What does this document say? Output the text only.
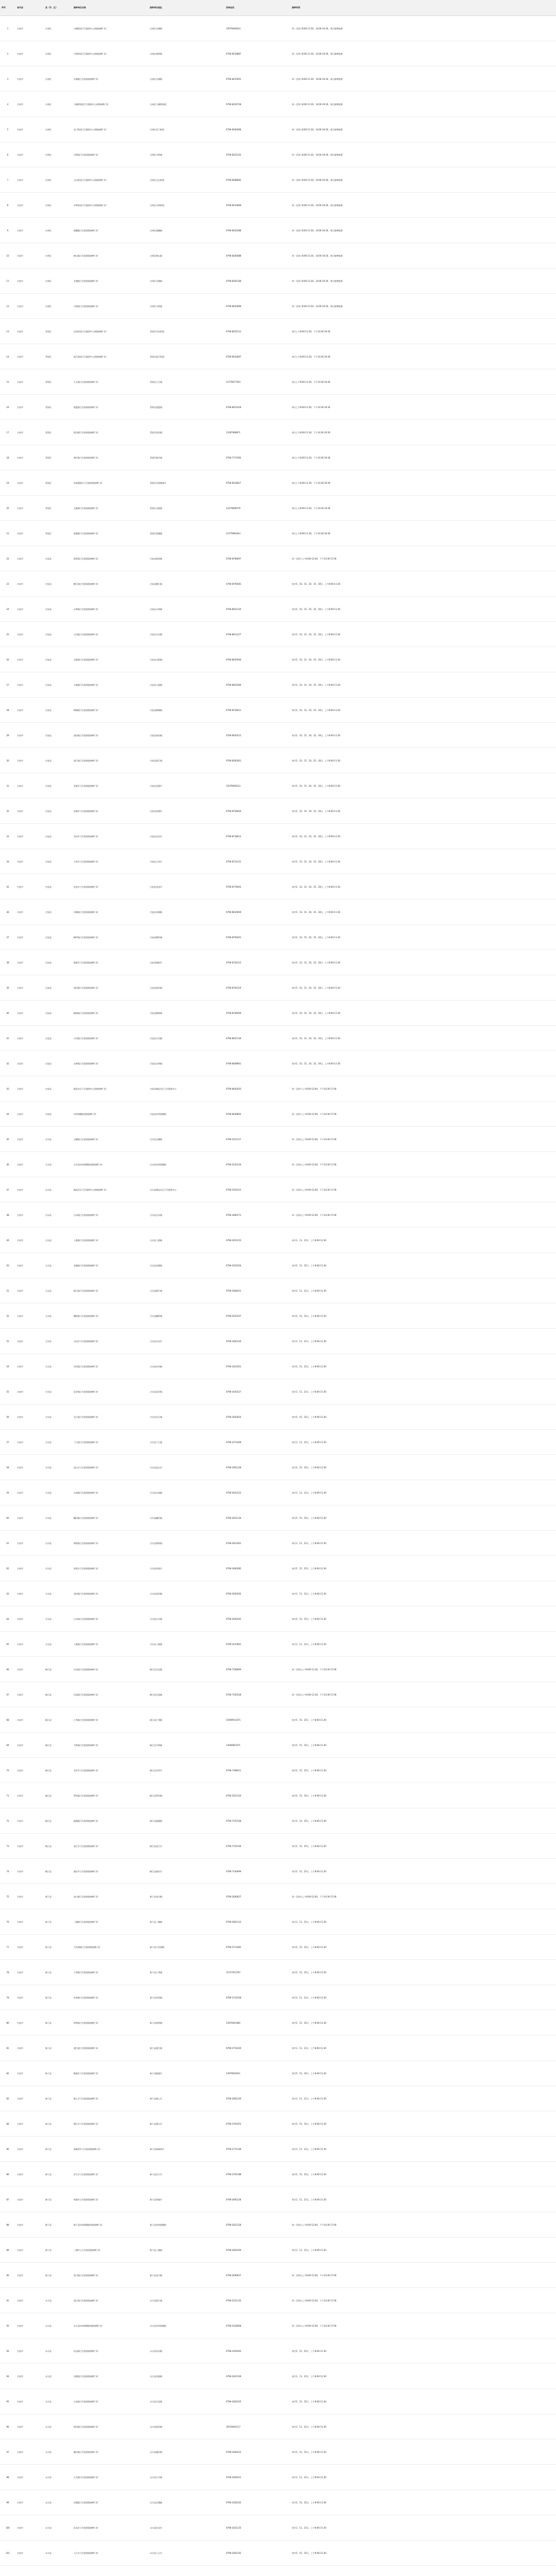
序号	省市县	县（市、区）	接种单位名称	接种单位地址	咨询电话	接种时间
1	吉安市	吉州区	白塘街道卫生服务中心预防接种门诊	吉州区长塘路	15079946624	周一至周六8:00-11:30，14:00-16:30，周日接种疫情
2	吉安市	吉州区	兴桥街道卫生服务中心预防接种门诊	吉州区新桥路	0796-8229887	周一至周六8:00-11:30，14:00-16:30，周日接种疫情
3	吉安市	吉州区	长塘镇卫生院预防接种门诊	吉州区长塘镇	0796-8225091	周一至周六8:00-11:30，14:00-16:30，周日接种疫情
4	吉安市	吉州区	习溪桥街道卫生服务中心预防接种门诊	吉州区习溪桥街道	0796-8220728	周一至周六8:00-11:30，14:00-16:30，周日接种疫情
5	吉安市	吉州区	北门街道卫生服务中心预防接种门诊	吉州区北门街道	0796-8281868	周一至周六8:00-11:30，14:00-16:30，周日接种疫情
6	吉安市	吉州区	兴桥镇卫生院预防接种门诊	吉州区兴桥镇	0796-8222332	周一至周六8:00-11:30，14:00-16:30，周日接种疫情
7	吉安市	吉州区	文山街道卫生服务中心预防接种门诊	吉州区文山街道	0796-8288083	周一至周六8:00-11:30，14:00-16:30，周日接种疫情
8	吉安市	吉州区	禾埠街道卫生服务中心预防接种门诊	吉州区禾埠街道	0796-8242898	周一至周六8:00-11:30，14:00-16:30，周日接种疫情
9	吉安市	吉州区	曲濑镇卫生院预防接种门诊	吉州区曲濑镇	0796-8262088	周一至周六8:00-11:30，14:00-16:30，周日接种疫情
10	吉安市	吉州区	樟山镇卫生院预防接种门诊	吉州区樟山镇	0796-8285888	周一至周六8:00-11:30，14:00-16:30，周日接种疫情
11	吉安市	吉州区	长塘镇卫生院预防接种门诊	吉州区长塘镇	0796-8281168	周一至周六8:00-11:30，14:00-16:30，周日接种疫情
12	吉安市	吉州区	兴桥镇卫生院预防接种门诊	吉州区兴桥镇	0796-8262899	周一至周六8:00-11:30，14:00-16:30，周日接种疫情
13	吉安市	青原区	河东街道卫生服务中心预防接种门诊	青原区河东街道	0796-8452112	每日上午8:00-11:30，下午14:30-16:30
14	吉安市	青原区	滨江街道卫生服务中心预防接种门诊	青原区滨江街道	0796-8542897	每日上午8:00-11:30，下午14:30-16:30
15	吉安市	青原区	天玉镇卫生院预防接种门诊	青原区天玉镇	13779077293	每日上午8:00-11:30，下午14:30-16:30
16	吉安市	青原区	值夏镇卫生院预防接种门诊	青原区值夏镇	0796-8451018	每日上午8:00-11:30，下午14:30-16:30
17	吉安市	青原区	富田镇卫生院预防接种门诊	青原区富田镇	13397968871	每日上午8:00-11:30，下午14:30-16:30
18	吉安市	青原区	新圩镇卫生院预防接种门诊	青原区新圩镇	0796-7171092	每日上午8:00-11:30，下午14:30-16:30
19	吉安市	青原区	东固畲族乡卫生院预防接种门诊	青原区东固畲族乡	0796-8528017	每日上午8:00-11:30，下午14:30-16:30
20	吉安市	青原区	文陂镇卫生院预防接种门诊	青原区文陂镇	13279666576	每日上午8:00-11:30，下午14:30-16:30
21	吉安市	青原区	富滩镇卫生院预防接种门诊	青原区富滩镇	13779994403	每日上午8:00-11:30，下午14:30-16:30
22	吉安市	吉安县	敦厚镇卫生院预防接种门诊	吉安县敦厚镇	0796-8796697	周一至周六上午8:00-12:00，下午14:30-17:00
23	吉安市	吉安县	横江镇卫生院预防接种门诊	吉安县横江镇	0796-8795681	每月5、10、15、20、25、30日，上午8:00-11:30
24	吉安市	吉安县	永和镇卫生院预防接种门诊	吉安县永和镇	0796-8651120	每月5、10、15、20、25、30日，上午8:00-11:30
25	吉安市	吉安县	天河镇卫生院预防接种门诊	吉安县天河镇	0796-8611227	每月5、10、15、20、25、30日，上午8:00-11:30
26	吉安市	吉安县	永阳镇卫生院预防接种门诊	吉安县永阳镇	0796-8645946	每月5、10、15、20、25、30日，上午8:00-11:30
27	吉安市	吉安县	万福镇卫生院预防接种门诊	吉安县万福镇	0796-8643369	每月5、10、15、20、25、30日，上午8:00-11:30
28	吉安市	吉安县	梅塘镇卫生院预防接种门诊	吉安县梅塘镇	0796-8726611	每月5、10、15、20、25、30日，上午8:00-11:30
29	吉安市	吉安县	油田镇卫生院预防接种门诊	吉安县油田镇	0796-8593212	每月5、10、15、20、25、30日，上午8:00-11:30
30	吉安市	吉安县	固江镇卫生院预防接种门诊	吉安县固江镇	0796-8581661	每月5、10、15、20、25、30日，上午8:00-11:30
31	吉安市	吉安县	北源乡卫生院预防接种门诊	吉安县北源乡	15079956013	每月5、10、15、20、25、30日，上午8:00-11:30
32	吉安市	吉安县	安塘乡卫生院预防接种门诊	吉安县安塘乡	0796-8756604	每月5、10、15、20、25、30日，上午8:00-11:30
33	吉安市	吉安县	官田乡卫生院预防接种门诊	吉安县官田乡	0796-8738013	每月5、10、15、20、25、30日，上午8:00-11:30
34	吉安市	吉安县	大冲乡卫生院预防接种门诊	吉安县大冲乡	0796-8721221	每月5、10、15、20、25、30日，上午8:00-11:30
35	吉安市	吉安县	登龙乡卫生院预防接种门诊	吉安县登龙乡	0796-8776003	每月5、10、15、20、25、30日，上午8:00-11:30
36	吉安市	吉安县	凤凰镇卫生院预防接种门诊	吉安县凤凰镇	0796-8635009	每月5、10、15、20、25、30日，上午8:00-11:30
37	吉安市	吉安县	桐坪镇卫生院预防接种门诊	吉安县桐坪镇	0796-8709201	每月5、10、15、20、25、30日，上午8:00-11:30
38	吉安市	吉安县	指阳乡卫生院预防接种门诊	吉安县指阳乡	0796-8702223	每月5、10、15、20、25、30日，上午8:00-11:30
39	吉安市	吉安县	浬田镇卫生院预防接种门诊	吉安县浬田镇	0796-8791219	每月5、10、15、20、25、30日，上午8:00-11:30
40	吉安市	吉安县	桐林镇卫生院预防接种门诊	吉安县桐林镇	0796-8706009	每月5、10、15、20、25、30日，上午8:00-11:30
41	吉安市	吉安县	天河镇卫生院预防接种门诊	吉安县天河镇	0796-8647126	每月5、10、15、20、25、30日，上午8:00-11:30
42	吉安市	吉安县	永和镇卫生院预防接种门诊	吉安县永和镇	0796-8468961	每月5、10、15、20、25、30日，上午8:00-11:30
43	吉安市	吉安县	城北社区卫生服务中心预防接种门诊	吉安县城北社区卫生服务中心	0796-8440203	周一至周六上午8:00-12:00，下午14:30-17:00
44	吉安市	吉安县	妇幼保健院预防接种门诊	吉安县妇幼保健院	0796-8446802	周一至周六上午8:00-12:00，下午14:30-17:00
45	吉安市	吉水县	文峰镇卫生院预防接种门诊	吉水县文峰镇	0796-3521117	周一至周五上午8:00-12:00，下午14:30-17:00
46	吉安市	吉水县	吉水县妇幼保健院预防接种门诊	吉水县妇幼保健院	0796-3535120	周一至周五上午8:00-12:00，下午14:30-17:00
47	吉安市	吉水县	城北社区卫生服务中心预防接种门诊	吉水县城北社区卫生服务中心	0796-3524115	周一至周五上午8:00-12:00，下午14:30-17:00
48	吉安市	吉水县	白沙镇卫生院预防接种门诊	吉水县白沙镇	0796-3660171	周一至周五上午8:00-12:00，下午14:30-17:00
49	吉安市	吉水县	八都镇卫生院预防接种门诊	吉水县八都镇	0796-3451233	每月1、11、21日，上午8:00-11:30
50	吉安市	吉水县	金滩镇卫生院预防接种门诊	吉水县金滩镇	0796-3201054	每月5、15、25日，上午8:00-11:30
51	吉安市	吉水县	枫江镇卫生院预防接种门诊	吉水县枫江镇	0796-3468331	每月1、11、21日，上午8:00-11:30
52	吉安市	吉水县	醪桥镇卫生院预防接种门诊	吉水县醪桥镇	0796-3551027	每月5、15、25日，上午8:00-11:30
53	吉安市	吉水县	水田乡卫生院预防接种门诊	吉水县水田乡	0796-3481226	每月1、11、21日，上午8:00-11:30
54	吉安市	吉水县	阜田镇卫生院预防接种门诊	吉水县阜田镇	0796-3421051	每月5、15、25日，上午8:00-11:30
55	吉安市	吉水县	盘谷镇卫生院预防接种门诊	吉水县盘谷镇	0796-3445227	每月1、11、21日，上午8:00-11:30
56	吉安市	吉水县	乌江镇卫生院预防接种门诊	吉水县乌江镇	0796-3403016	每月5、15、25日，上午8:00-11:30
57	吉安市	吉水县	丁江镇卫生院预防接种门诊	吉水县丁江镇	0796-3271009	每月1、11、21日，上午8:00-11:30
58	吉安市	吉水县	冠山乡卫生院预防接种门诊	吉水县冠山乡	0796-3491128	每月5、15、25日，上午8:00-11:30
59	吉安市	吉水县	水南镇卫生院预防接种门诊	吉水县水南镇	0796-3631222	每月1、11、21日，上午8:00-11:30
60	吉安市	吉水县	螺田镇卫生院预防接种门诊	吉水县螺田镇	0796-3631130	每月5、15、25日，上午8:00-11:30
61	吉安市	吉水县	黄桥镇卫生院预防接种门诊	吉水县黄桥镇	0796-3611061	每月1、11、21日，上午8:00-11:30
62	吉安市	吉水县	尚贤乡卫生院预防接种门诊	吉水县尚贤乡	0796-3481085	每月5、15、25日，上午8:00-11:30
63	吉安市	吉水县	双村镇卫生院预防接种门诊	吉水县双村镇	0796-3650202	每月1、11、21日，上午8:00-11:30
64	吉安市	吉水县	白水镇卫生院预防接种门诊	吉水县白水镇	0796-3641045	每月5、15、25日，上午8:00-11:30
65	吉安市	吉水县	八都镇卫生院预防接种门诊	吉水县八都镇	0796-3470061	每月1、11、21日，上午8:00-11:30
66	吉安市	峡江县	水边镇卫生院预防接种门诊	峡江县水边镇	0796-7168099	周一至周五上午8:00-11:30，下午14:30-17:00
67	吉安市	峡江县	巴邱镇卫生院预防接种门诊	峡江县巴邱镇	0796-7165528	周一至周五上午8:00-11:30，下午14:30-17:00
68	吉安市	峡江县	仁和镇卫生院预防接种门诊	峡江县仁和镇	15949911675	每月5、15、25日，上午8:00-11:30
69	吉安市	峡江县	马埠镇卫生院预防接种门诊	峡江县马埠镇	13949961971	每月5、15、25日，上午8:00-11:30
70	吉安市	峡江县	戈坪乡卫生院预防接种门诊	峡江县戈坪乡	0796-7188311	每月5、15、25日，上午8:00-11:30
71	吉安市	峡江县	罗田镇卫生院预防接种门诊	峡江县罗田镇	0796-3521120	每月5、15、25日，上午8:00-11:30
72	吉安市	峡江县	砚溪镇卫生院预防接种门诊	峡江县砚溪镇	0796-7155338	每月5、15、25日，上午8:00-11:30
73	吉安市	峡江县	金江乡卫生院预防接种门诊	峡江县金江乡	0796-7155336	每月5、15、25日，上午8:00-11:30
74	吉安市	峡江县	福民乡卫生院预防接种门诊	峡江县福民乡	0796-7140099	每月5、15、25日，上午8:00-11:30
75	吉安市	新干县	金川镇卫生院预防接种门诊	新干县金川镇	0796-2600627	周一至周五上午8:00-12:00，下午14:30-17:00
76	吉安市	新干县	三湖镇卫生院预防接种门诊	新干县三湖镇	0796-2661123	每月1、11、21日，上午8:00-11:30
77	吉安市	新干县	大洋洲镇卫生院预防接种门诊	新干县大洋洲镇	0796-2711081	每月5、15、25日，上午8:00-11:30
78	吉安市	新干县	七琴镇卫生院预防接种门诊	新干县七琴镇	15727913797	每月5、15、25日，上午8:00-11:30
79	吉安市	新干县	麦斜镇卫生院预防接种门诊	新干县麦斜镇	0796-2731038	每月1、11、21日，上午8:00-11:30
80	吉安市	新干县	界埠镇卫生院预防接种门诊	新干县界埠镇	13970641082	每月5、15、25日，上午8:00-11:30
81	吉安市	新干县	溧江镇卫生院预防接种门诊	新干县溧江镇	0796-2751020	每月1、11、21日，上午8:00-11:30
82	吉安市	新干县	桃溪乡卫生院预防接种门诊	新干县桃溪乡	13979652811	每月5、15、25日，上午8:00-11:30
83	吉安市	新干县	城上乡卫生院预防接种门诊	新干县城上乡	0796-2681226	每月1、11、21日，上午8:00-11:30
84	吉安市	新干县	潭丘乡卫生院预防接种门诊	新干县潭丘乡	0796-2761053	每月5、15、25日，上午8:00-11:30
85	吉安市	新干县	神政桥乡卫生院预防接种门诊	新干县神政桥乡	0796-2771108	每月1、11、21日，上午8:00-11:30
86	吉安市	新干县	沂江乡卫生院预防接种门诊	新干县沂江乡	0796-2701188	每月5、15、25日，上午8:00-11:30
87	吉安市	新干县	荷浦乡卫生院预防接种门诊	新干县荷浦乡	0796-2691228	每月1、11、21日，上午8:00-11:30
88	吉安市	新干县	新干县妇幼保健院预防接种门诊	新干县妇幼保健院	0796-2621128	周一至周五上午8:00-12:00，下午14:30-17:00
89	吉安市	新干县	三湖中心卫生院预防接种门诊	新干县三湖镇	0796-2661056	每月1、11、21日，上午8:00-11:30
90	吉安市	新干县	金川镇卫生院预防接种门诊	新干县金川镇	0796-2600627	周一至周五上午8:00-12:00，下午14:30-17:00
91	吉安市	永丰县	恩江镇卫生院预防接种门诊	永丰县恩江镇	0796-2521135	周一至周五上午8:00-12:00，下午14:30-17:00
92	吉安市	永丰县	永丰县妇幼保健院预防接种门诊	永丰县妇幼保健院	0796-2528008	周一至周五上午8:00-12:00，下午14:30-17:00
93	吉安市	永丰县	坑田镇卫生院预防接种门诊	永丰县坑田镇	0796-2391063	每月5、15、25日，上午8:00-11:30
94	吉安市	永丰县	沿陂镇卫生院预防接种门诊	永丰县沿陂镇	0796-2441109	每月1、11、21日，上午8:00-11:30
95	吉安市	永丰县	古县镇卫生院预防接种门诊	永丰县古县镇	0796-2461025	每月5、15、25日，上午8:00-11:30
96	吉安市	永丰县	瑶田镇卫生院预防接种门诊	永丰县瑶田镇	18720642117	每月1、11、21日，上午8:00-11:30
97	吉安市	永丰县	藤田镇卫生院预防接种门诊	永丰县藤田镇	0796-2481023	每月5、15、25日，上午8:00-11:30
98	吉安市	永丰县	石马镇卫生院预防接种门诊	永丰县石马镇	0796-2409331	每月1、11、21日，上午8:00-11:30
99	吉安市	永丰县	沙溪镇卫生院预防接种门诊	永丰县沙溪镇	0796-2362202	每月5、15、25日，上午8:00-11:30
100	吉安市	永丰县	佐龙乡卫生院预防接种门诊	永丰县佐龙乡	0796-2421135	每月1、11、21日，上午8:00-11:30
101	吉安市	永丰县	八江乡卫生院预防接种门诊	永丰县八江乡	0796-2491162	每月5、15、25日，上午8:00-11:30
